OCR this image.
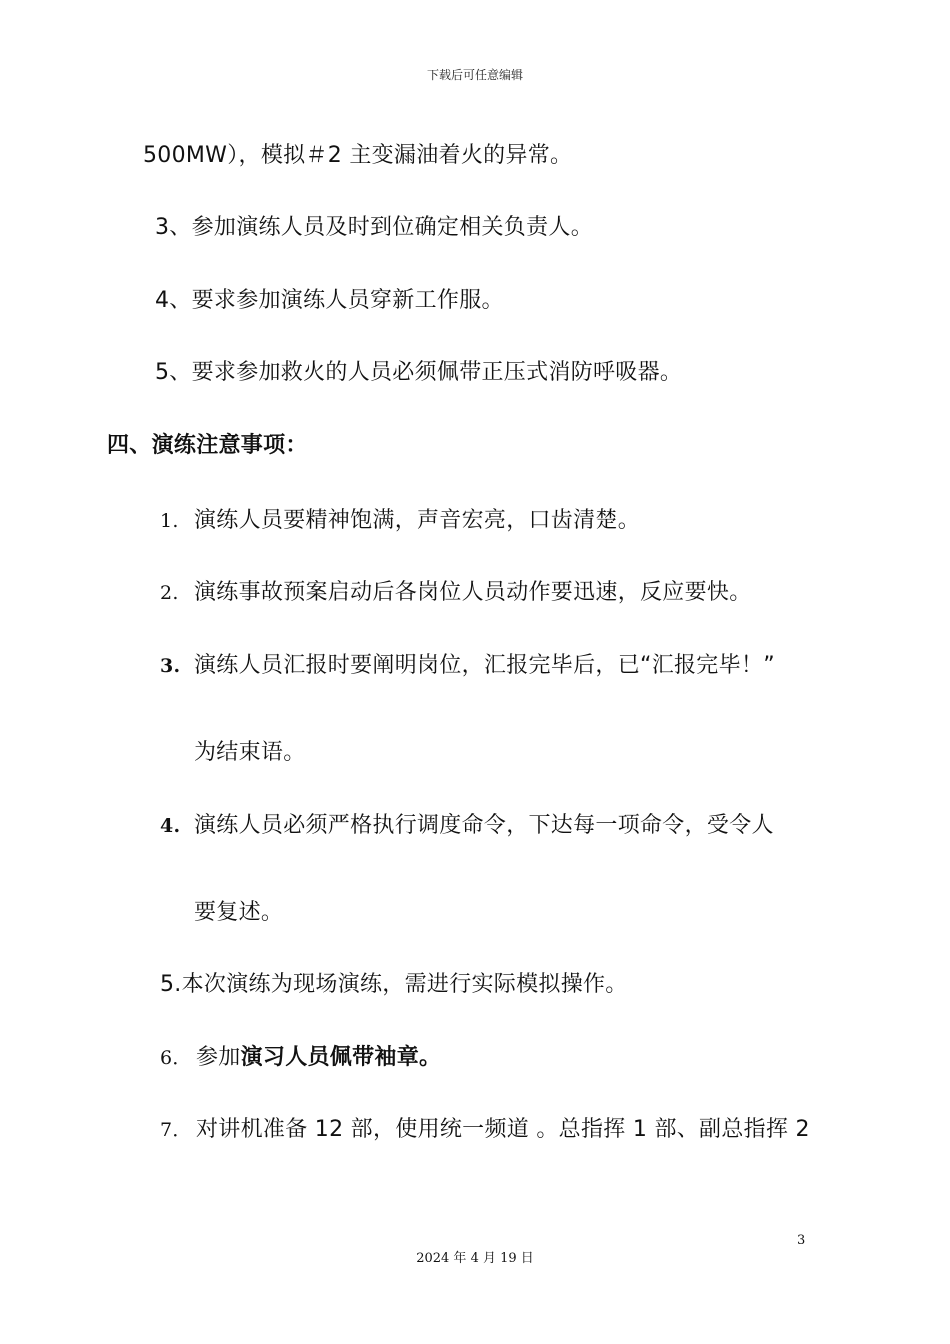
下载后可任意编辑
500MW），模拟＃2 主变漏油着火的异常。
3、参加演练人员及时到位确定相关负责人。
4、要求参加演练人员穿新工作服。
5、要求参加救火的人员必须佩带正压式消防呼吸器。
四、演练注意事项：
1. 演练人员要精神饱满，声音宏亮，口齿清楚。
2. 演练事故预案启动后各岗位人员动作要迅速，反应要快。
3. 演练人员汇报时要阐明岗位，汇报完毕后，已“汇报完毕！”
为结束语。
4. 演练人员必须严格执行调度命令，下达每一项命令，受令人
要复述。
5.本次演练为现场演练，需进行实际模拟操作。
6． 参加演习人员佩带袖章。
7． 对讲机准备 12 部，使用统一频道 。总指挥 1 部、副总指挥 2
3
2024 年 4 月 19 日
